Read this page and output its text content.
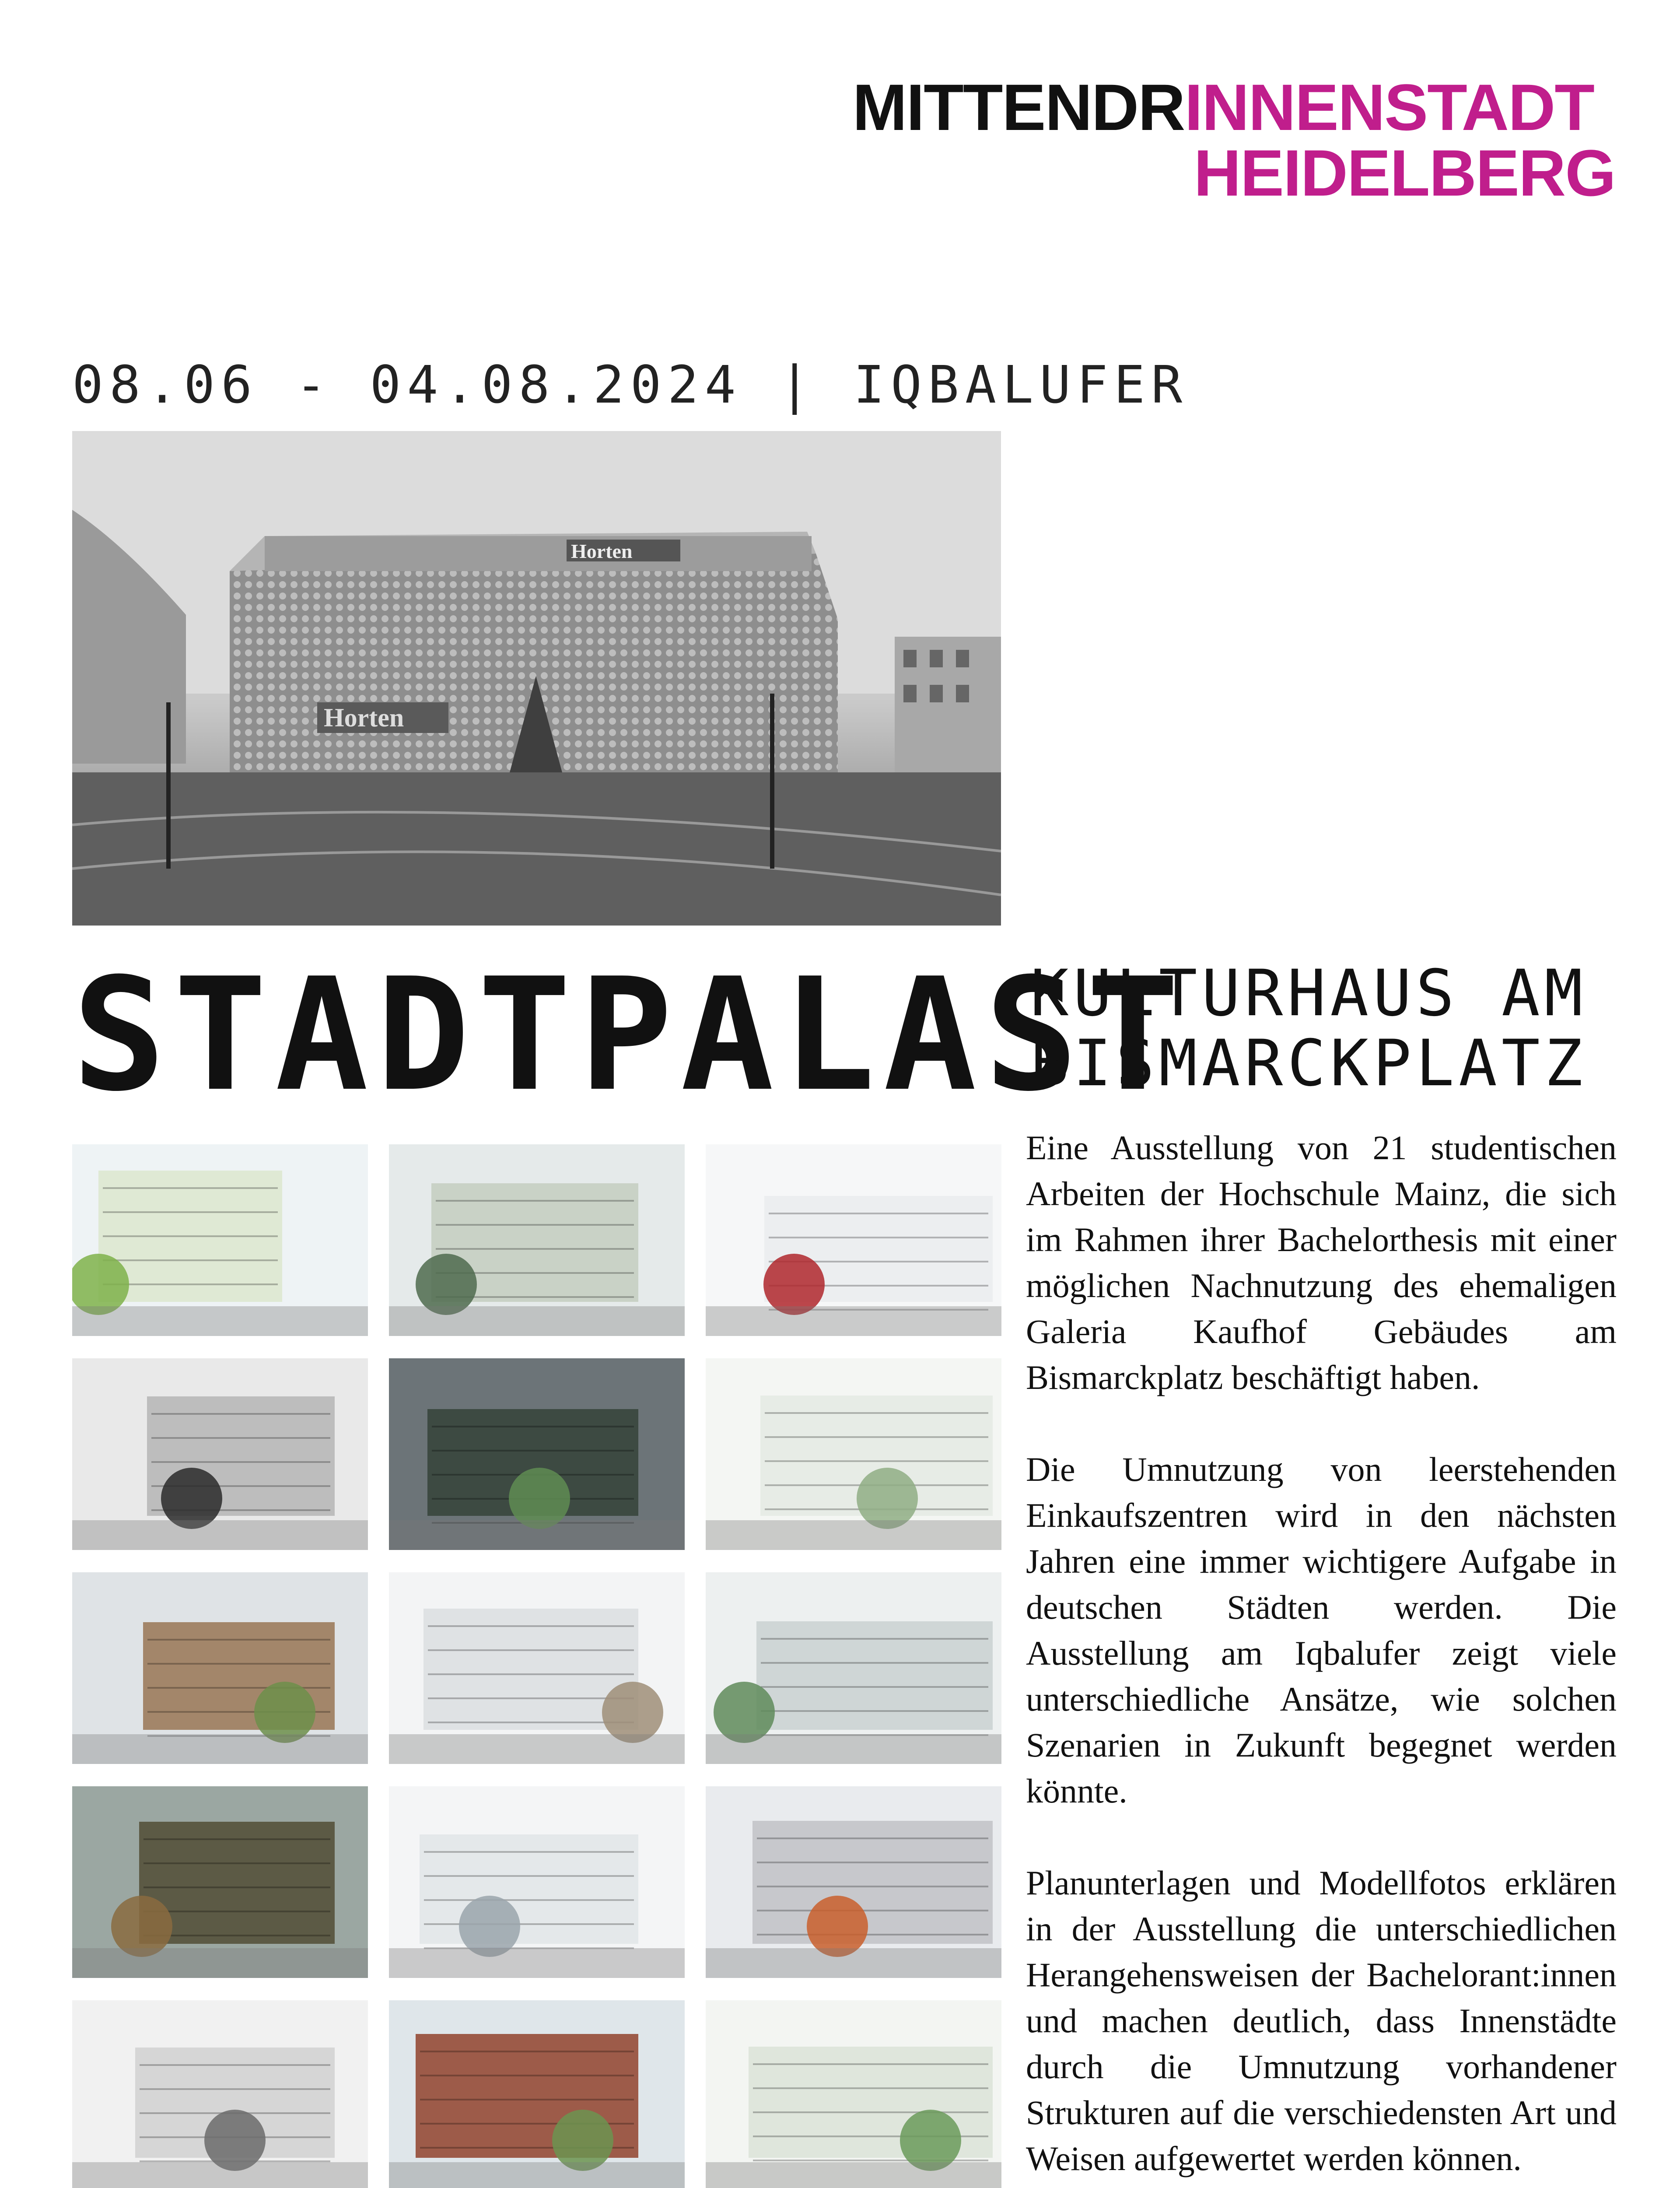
MITTENDRINNENSTADT
HEIDELBERG
08.06 - 04.08.2024 | IQBALUFER
Horten
Horten
STADTPALAST
KULTURHAUS AM
BISMARCKPLATZ

Eine Ausstellung von 21 studentischen Arbeiten der Hochschule Mainz, die sich im Rahmen ihrer Bachelorthesis mit einer möglichen Nachnutzung des ehemaligen Galeria Kaufhof Gebäudes am Bismarckplatz beschäftigt haben.

Die Umnutzung von leerstehenden Einkaufszentren wird in den nächsten Jahren eine immer wichtigere Aufgabe in deutschen Städten werden. Die Ausstellung am Iqbalufer zeigt viele unterschiedliche Ansätze, wie solchen Szenarien in Zukunft begegnet werden könnte.

Planunterlagen und Modellfotos erklären in der Ausstellung die unterschiedlichen Herangehensweisen der Bachelorant:innen und machen deutlich, dass Innenstädte durch die Umnutzung vorhandener Strukturen auf die verschiedensten Art und Weisen aufgewertet werden können.
